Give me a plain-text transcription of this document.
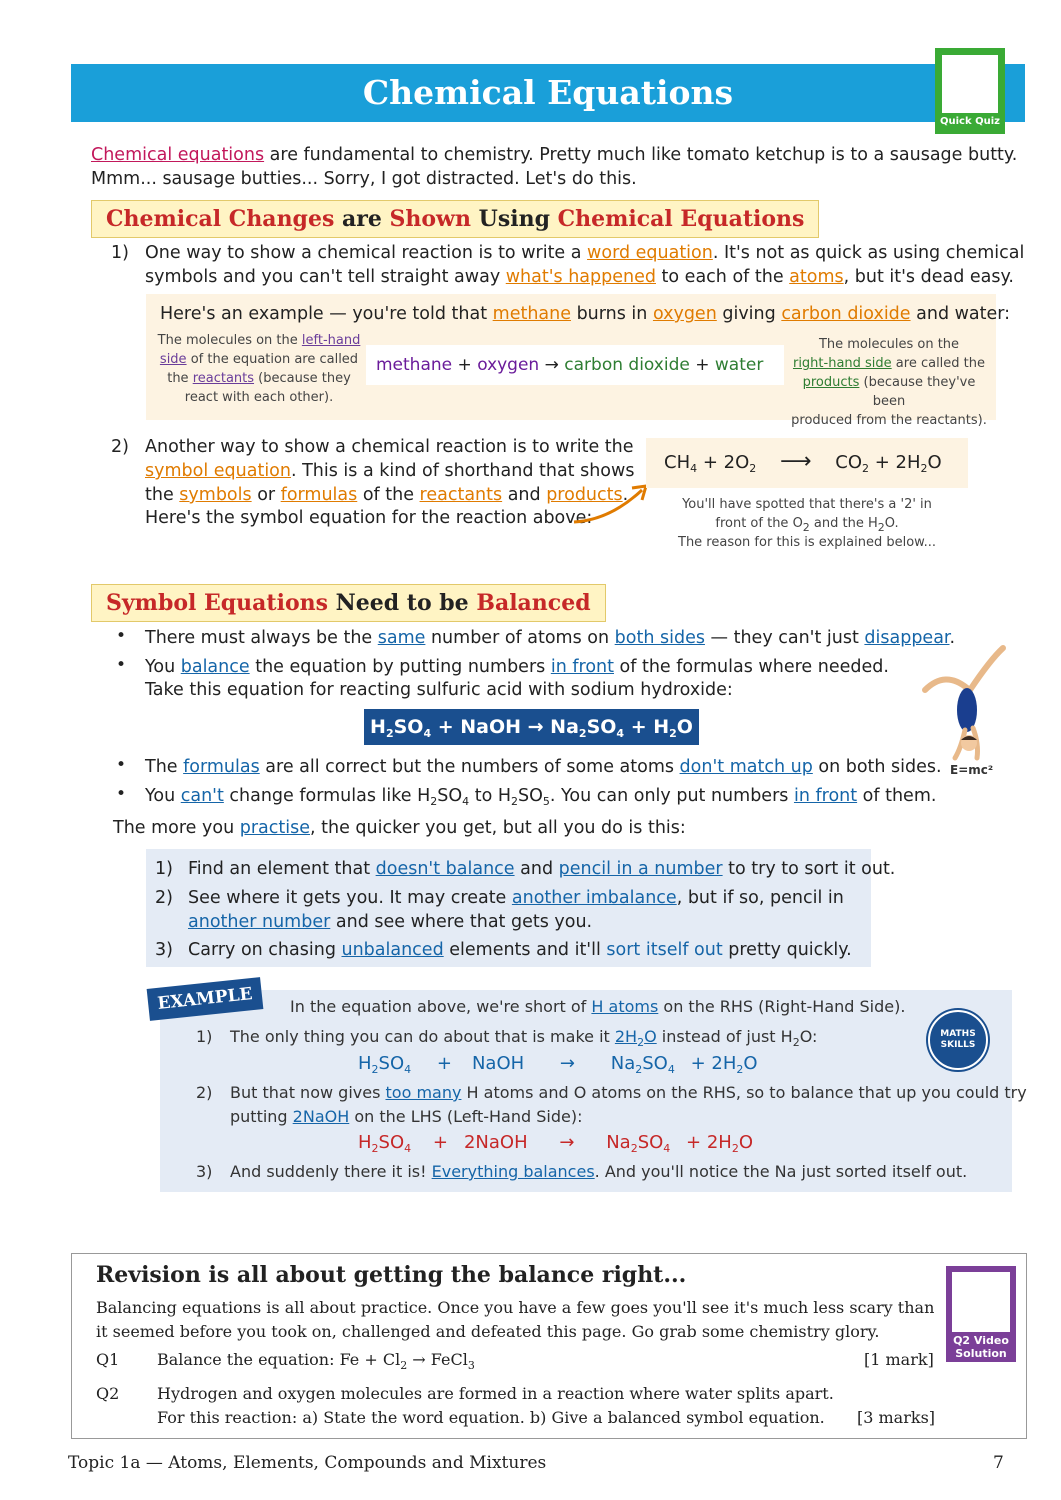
Chemical Equations
Quick Quiz
Chemical equations are fundamental to chemistry. Pretty much like tomato ketchup is to a sausage butty.
Mmm... sausage butties... Sorry, I got distracted. Let's do this.
Chemical Changes are Shown Using Chemical Equations
1) One way to show a chemical reaction is to write a word equation. It's not as quick as using chemical
symbols and you can't tell straight away what's happened to each of the atoms, but it's dead easy.
Here's an example — you're told that methane burns in oxygen giving carbon dioxide and water:
The molecules on the left-hand
side of the equation are called
the reactants (because they
react with each other).
methane + oxygen → carbon dioxide + water
The molecules on the
right-hand side are called the
products (because they've been
produced from the reactants).
2) Another way to show a chemical reaction is to write the
symbol equation. This is a kind of shorthand that shows
the symbols or formulas of the reactants and products.
Here's the symbol equation for the reaction above:
$CH_4 + 2O_2$ ⟶ $CO_2 + 2H_2O$
You'll have spotted that there's a '2' in
front of the $O_2$ and the $H_2O$.
The reason for this is explained below...
Symbol Equations Need to be Balanced
• There must always be the same number of atoms on both sides — they can't just disappear.
• You balance the equation by putting numbers in front of the formulas where needed.
Take this equation for reacting sulfuric acid with sodium hydroxide:
$H_2SO_4$ + NaOH → $Na_2SO_4 + H_2O$
E=mc²
• The formulas are all correct but the numbers of some atoms don't match up on both sides.
• You can't change formulas like $H_2SO_4$ to $H_2SO_5$. You can only put numbers in front of them.
The more you practise, the quicker you get, but all you do is this:
1) Find an element that doesn't balance and pencil in a number to try to sort it out.
2) See where it gets you. It may create another imbalance, but if so, pencil in
another number and see where that gets you.
3) Carry on chasing unbalanced elements and it'll sort itself out pretty quickly.
EXAMPLE
MATHS SKILLS
In the equation above, we're short of H atoms on the RHS (Right-Hand Side).
1) The only thing you can do about that is make it $2H_2O$ instead of just $H_2O$:
$H_2SO_4$ + NaOH → $Na_2SO_4 + 2H_2O$
2) But that now gives too many H atoms and O atoms on the RHS, so to balance that up you could try
putting 2NaOH on the LHS (Left-Hand Side):
$H_2SO_4$ + 2NaOH → $Na_2SO_4 + 2H_2O$
3) And suddenly there it is! Everything balances. And you'll notice the Na just sorted itself out.
Revision is all about getting the balance right...
Balancing equations is all about practice. Once you have a few goes you'll see it's much less scary than
it seemed before you took on, challenged and defeated this page. Go grab some chemistry glory.
Q1 Balance the equation: $Fe + Cl_2$ → FeCl$_3$	[1 mark]
Q2 Hydrogen and oxygen molecules are formed in a reaction where water splits apart.
For this reaction: a) State the word equation. b) Give a balanced symbol equation. [3 marks]
Q2 Video Solution
Topic 1a — Atoms, Elements, Compounds and Mixtures	7
